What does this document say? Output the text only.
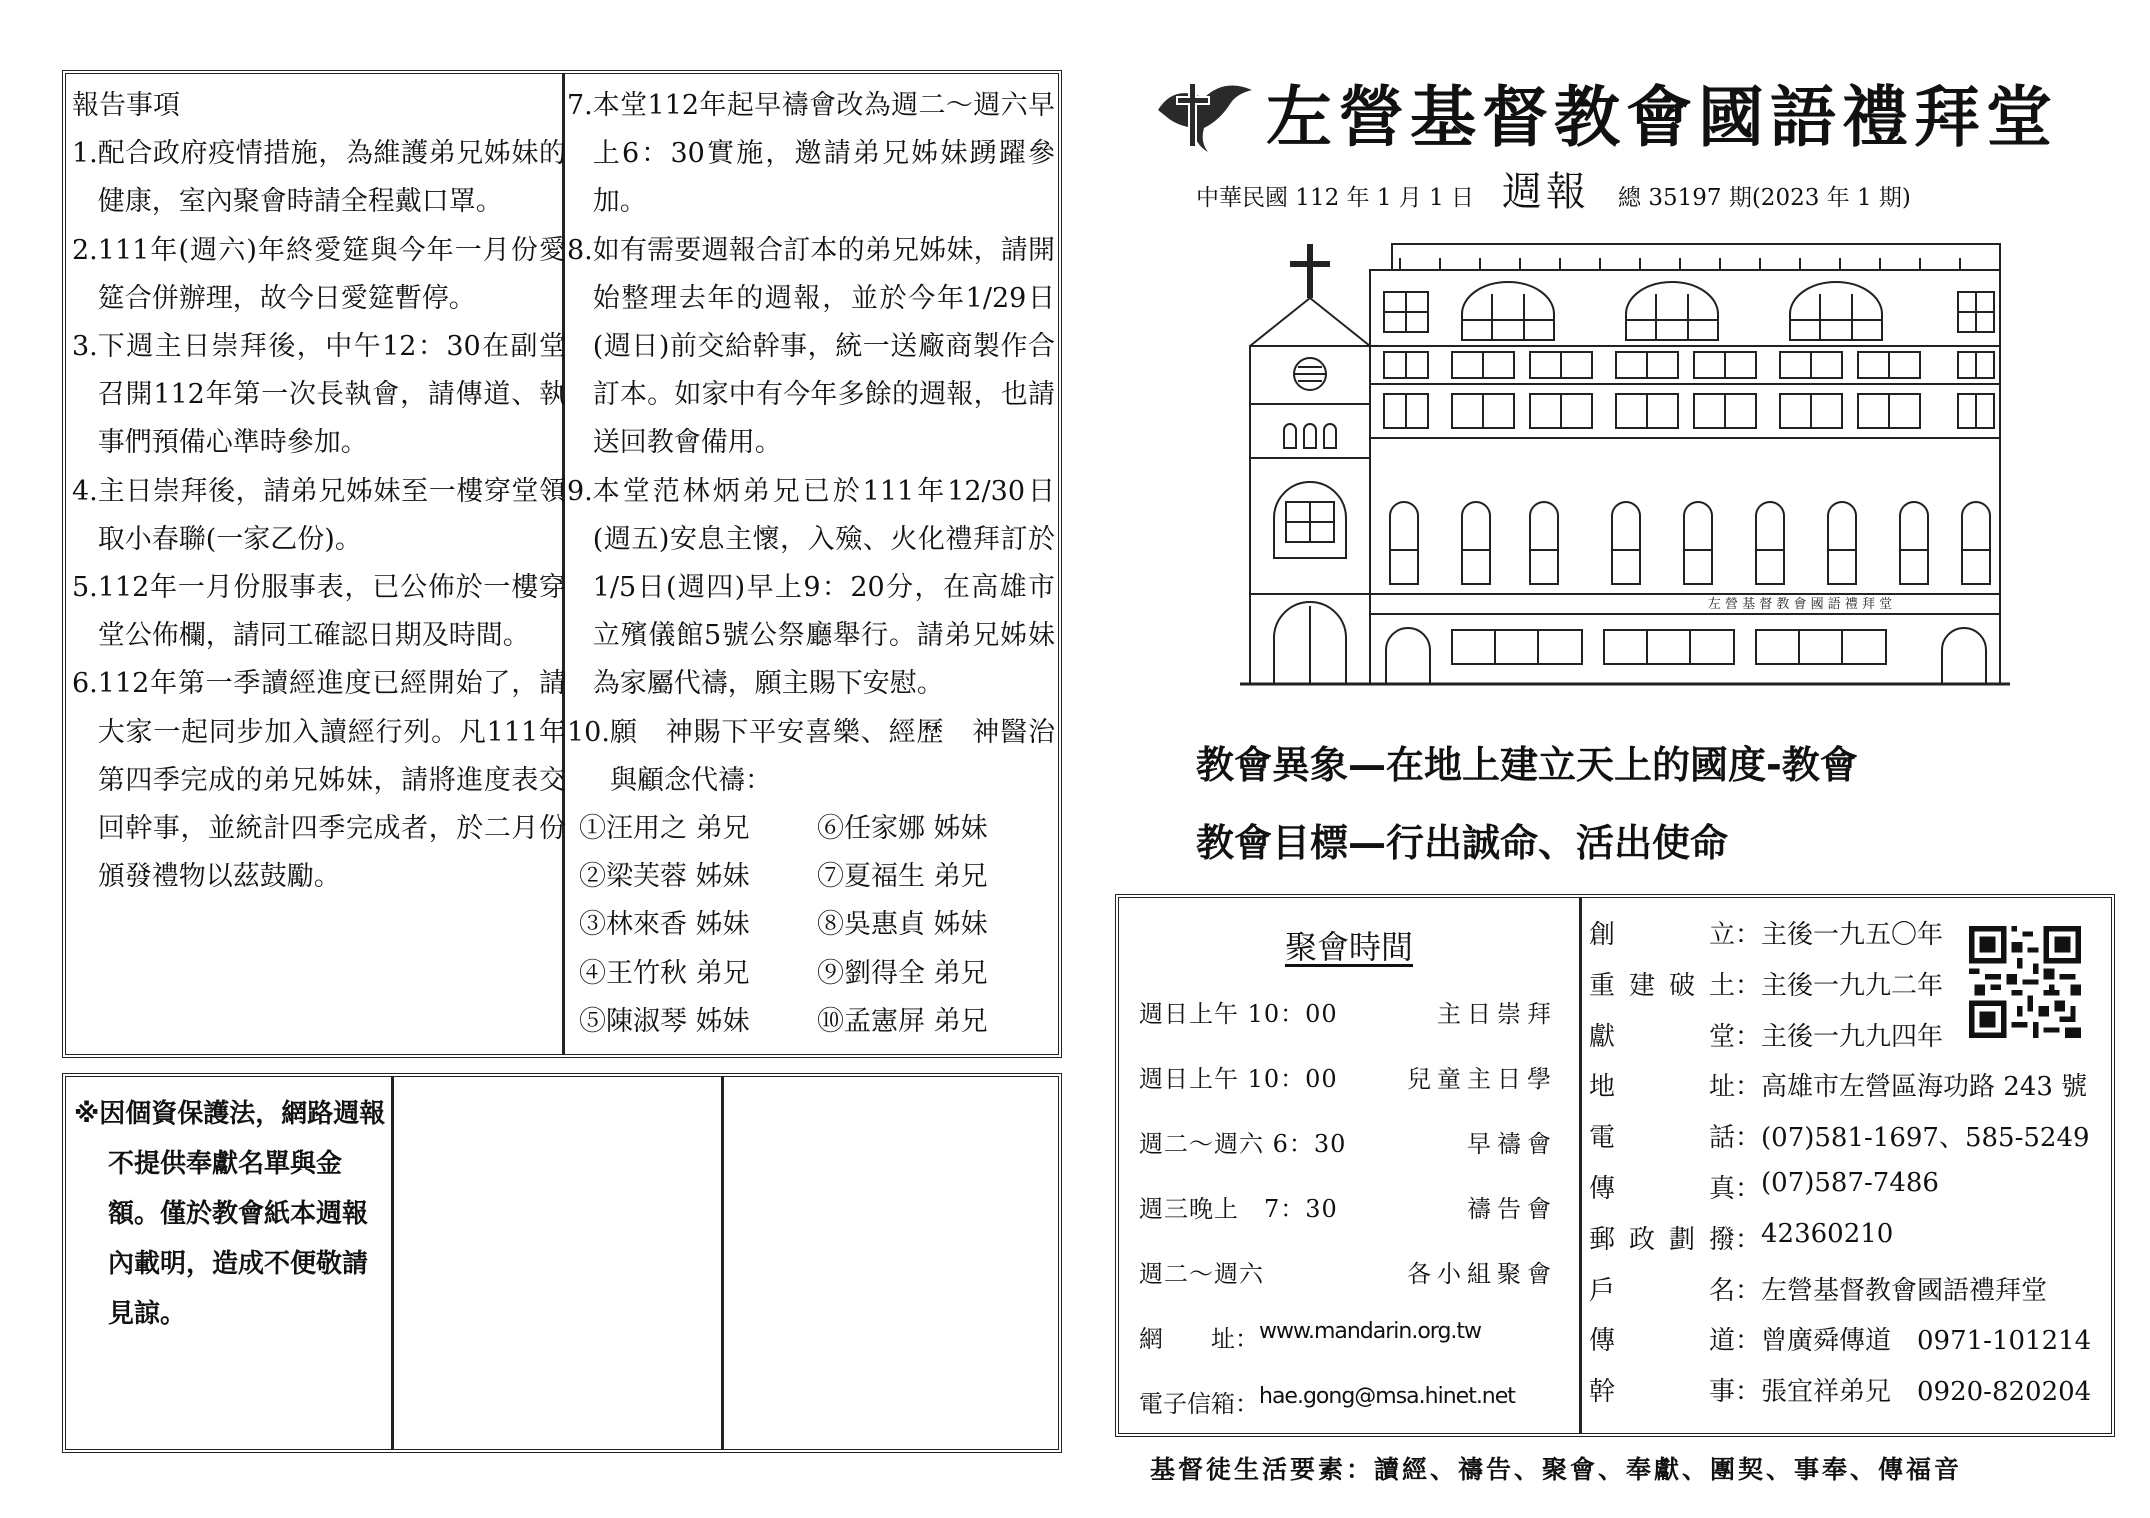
報告事項
1. 配合政府疫情措施，為維護弟兄姊妹的健康，室內聚會時請全程戴口罩。
2. 111年(週六)年終愛筵與今年一月份愛筵合併辦理，故今日愛筵暫停。
3. 下週主日崇拜後，中午12：30在副堂召開112年第一次長執會，請傳道、執事們預備心準時參加。
4. 主日崇拜後，請弟兄姊妹至一樓穿堂領取小春聯(一家乙份)。
5. 112年一月份服事表，已公佈於一樓穿堂公佈欄，請同工確認日期及時間。
6. 112年第一季讀經進度已經開始了，請大家一起同步加入讀經行列。凡111年第四季完成的弟兄姊妹，請將進度表交回幹事，並統計四季完成者，於二月份頒發禮物以茲鼓勵。
7. 本堂112年起早禱會改為週二～週六早上6：30實施，邀請弟兄姊妹踴躍參加。
8. 如有需要週報合訂本的弟兄姊妹，請開始整理去年的週報，並於今年1/29日(週日)前交給幹事，統一送廠商製作合訂本。如家中有今年多餘的週報，也請送回教會備用。
9. 本堂范林炳弟兄已於111年12/30日(週五)安息主懷，入殮、火化禮拜訂於1/5日(週四)早上9：20分，在高雄市立殯儀館5號公祭廳舉行。請弟兄姊妹為家屬代禱，願主賜下安慰。
10. 願　神賜下平安喜樂、經歷　神醫治與顧念代禱：
①汪用之 弟兄	⑥任家娜 姊妹
②梁芙蓉 姊妹	⑦夏福生 弟兄
③林來香 姊妹	⑧吳惠貞 姊妹
④王竹秋 弟兄	⑨劉得全 弟兄
⑤陳淑琴 姊妹	⑩孟憲屏 弟兄

※因個資保護法，網路週報不提供奉獻名單與金額。僅於教會紙本週報內載明，造成不便敬請見諒。

左營基督教會國語禮拜堂
中華民國 112 年 1 月 1 日 週報 總 35197 期(2023 年 1 期)
左 營 基 督 教 會 國 語 禮 拜 堂
教會異象—在地上建立天上的國度-教會
教會目標—行出誠命、活出使命
聚會時間
週日上午 10：00	主日崇拜
週日上午 10：00	兒童主日學
週二～週六 6：30	早禱會
週三晚上　7：30	禱告會
週二～週六	各小組聚會
網　　址： www.mandarin.org.tw
電子信箱： hae.gong@msa.hinet.net
創	立 ： 主後一九五〇年
重 建 破 土 ： 主後一九九二年
獻	堂 ： 主後一九九四年
地	址 ： 高雄市左營區海功路 243 號
電	話 ： (07)581-1697、585-5249
傳	真 ： (07)587-7486
郵 政 劃 撥 ： 42360210
戶	名 ： 左營基督教會國語禮拜堂
傳	道 ： 曾廣舜傳道　0971-101214
幹	事 ： 張宜祥弟兄　0920-820204
基督徒生活要素：讀經、禱告、聚會、奉獻、團契、事奉、傳福音
